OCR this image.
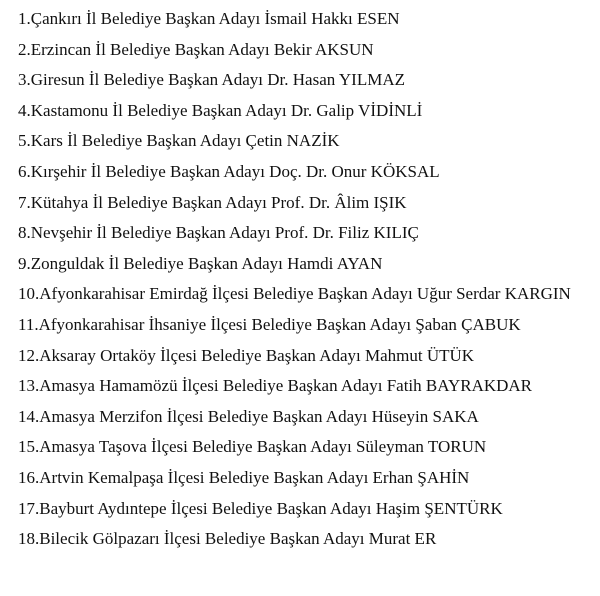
1.Çankırı İl Belediye Başkan Adayı İsmail Hakkı ESEN
2.Erzincan İl Belediye Başkan Adayı Bekir AKSUN
3.Giresun İl Belediye Başkan Adayı Dr. Hasan YILMAZ
4.Kastamonu İl Belediye Başkan Adayı Dr. Galip VİDİNLİ
5.Kars İl Belediye Başkan Adayı Çetin NAZİK
6.Kırşehir İl Belediye Başkan Adayı Doç. Dr. Onur KÖKSAL
7.Kütahya İl Belediye Başkan Adayı Prof. Dr. Âlim IŞIK
8.Nevşehir İl Belediye Başkan Adayı Prof. Dr. Filiz KILIÇ
9.Zonguldak İl Belediye Başkan Adayı Hamdi AYAN
10.Afyonkarahisar Emirdağ İlçesi Belediye Başkan Adayı Uğur Serdar KARGIN
11.Afyonkarahisar İhsaniye İlçesi Belediye Başkan Adayı Şaban ÇABUK
12.Aksaray Ortaköy İlçesi Belediye Başkan Adayı Mahmut ÜTÜK
13.Amasya Hamamözü İlçesi Belediye Başkan Adayı Fatih BAYRAKDAR
14.Amasya Merzifon İlçesi Belediye Başkan Adayı Hüseyin SAKA
15.Amasya Taşova İlçesi Belediye Başkan Adayı Süleyman TORUN
16.Artvin Kemalpaşa İlçesi Belediye Başkan Adayı Erhan ŞAHİN
17.Bayburt Aydıntepe İlçesi Belediye Başkan Adayı Haşim ŞENTÜRK
18.Bilecik Gölpazarı İlçesi Belediye Başkan Adayı Murat ER
